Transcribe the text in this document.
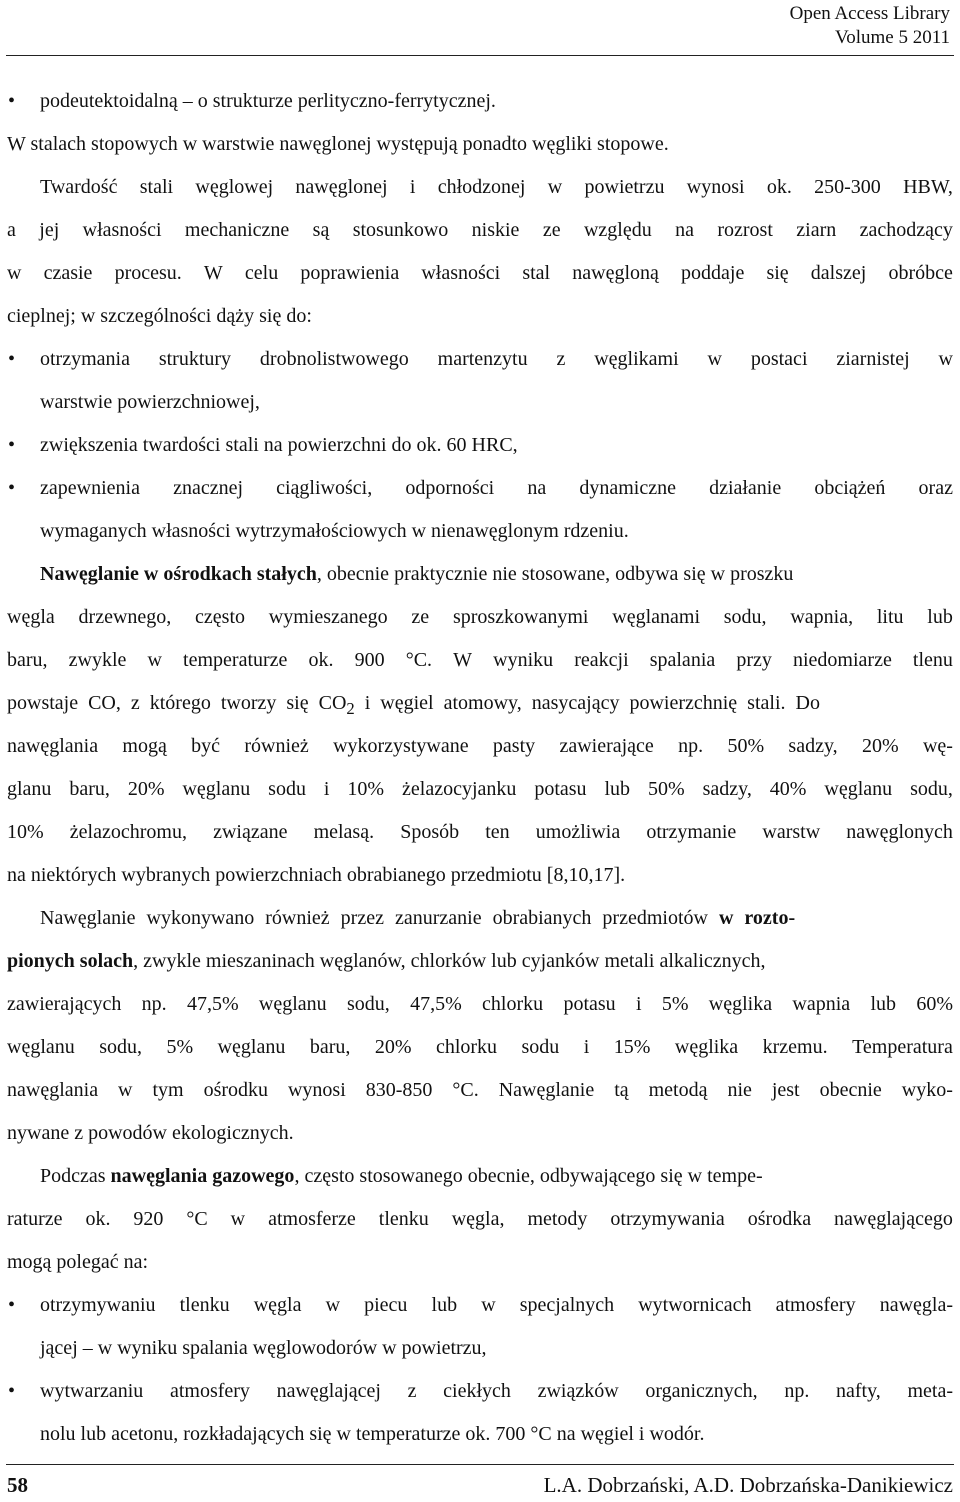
Open Access Library
Volume 5 2011
• podeutektoidalną – o strukturze perlityczno-ferrytycznej.
W stalach stopowych w warstwie nawęglonej występują ponadto węgliki stopowe.
Twardość stali węglowej nawęglonej i chłodzonej w powietrzu wynosi ok. 250-300 HBW,
a jej własności mechaniczne są stosunkowo niskie ze względu na rozrost ziarn zachodzący
w czasie procesu. W celu poprawienia własności stal nawęgloną poddaje się dalszej obróbce
cieplnej; w szczególności dąży się do:
• otrzymania struktury drobnolistwowego martenzytu z węglikami w postaci ziarnistej w
warstwie powierzchniowej,
• zwiększenia twardości stali na powierzchni do ok. 60 HRC,
• zapewnienia znacznej ciągliwości, odporności na dynamiczne działanie obciążeń oraz
wymaganych własności wytrzymałościowych w nienawęglonym rdzeniu.
Nawęglanie w ośrodkach stałych, obecnie praktycznie nie stosowane, odbywa się w proszku
węgla drzewnego, często wymieszanego ze sproszkowanymi węglanami sodu, wapnia, litu lub
baru, zwykle w temperaturze ok. 900 °C. W wyniku reakcji spalania przy niedomiarze tlenu
powstaje CO, z którego tworzy się $CO_2$ i węgiel atomowy, nasycający powierzchnię stali. Do
nawęglania mogą być również wykorzystywane pasty zawierające np. 50% sadzy, 20% wę-
glanu baru, 20% węglanu sodu i 10% żelazocyjanku potasu lub 50% sadzy, 40% węglanu sodu,
10% żelazochromu, związane melasą. Sposób ten umożliwia otrzymanie warstw nawęglonych
na niektórych wybranych powierzchniach obrabianego przedmiotu [8,10,17].
Nawęglanie wykonywano również przez zanurzanie obrabianych przedmiotów w rozto-
pionych solach, zwykle mieszaninach węglanów, chlorków lub cyjanków metali alkalicznych,
zawierających np. 47,5% węglanu sodu, 47,5% chlorku potasu i 5% węglika wapnia lub 60%
węglanu sodu, 5% węglanu baru, 20% chlorku sodu i 15% węglika krzemu. Temperatura
nawęglania w tym ośrodku wynosi 830-850 °C. Nawęglanie tą metodą nie jest obecnie wyko-
nywane z powodów ekologicznych.
Podczas nawęglania gazowego, często stosowanego obecnie, odbywającego się w tempe-
raturze ok. 920 °C w atmosferze tlenku węgla, metody otrzymywania ośrodka nawęglającego
mogą polegać na:
• otrzymywaniu tlenku węgla w piecu lub w specjalnych wytwornicach atmosfery nawęgla-
jącej – w wyniku spalania węglowodorów w powietrzu,
• wytwarzaniu atmosfery nawęglającej z ciekłych związków organicznych, np. nafty, meta-
nolu lub acetonu, rozkładających się w temperaturze ok. 700 °C na węgiel i wodór.
58	L.A. Dobrzański, A.D. Dobrzańska-Danikiewicz
